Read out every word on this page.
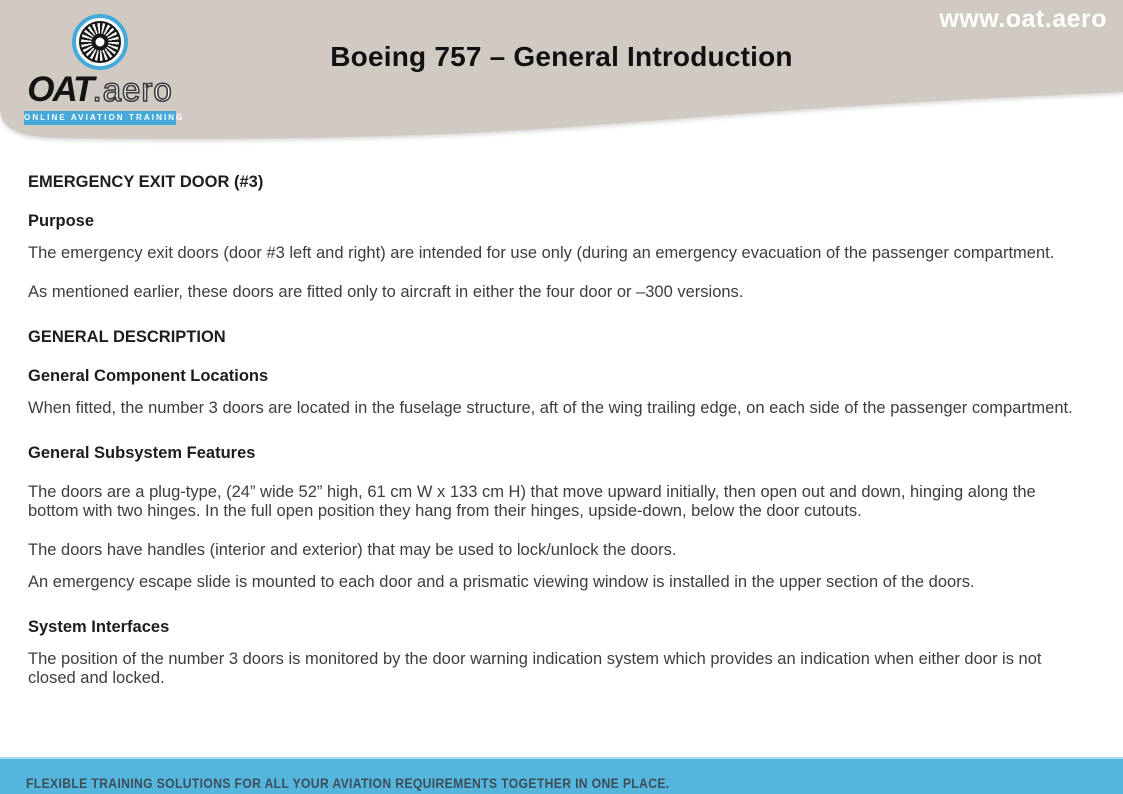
OAT.aero
ONLINE AVIATION TRAINING
Boeing 757 – General Introduction
www.oat.aero
EMERGENCY EXIT DOOR (#3)
Purpose
The emergency exit doors (door #3 left and right) are intended for use only (during an emergency evacuation of the passenger compartment.
As mentioned earlier, these doors are fitted only to aircraft in either the four door or –300 versions.
GENERAL DESCRIPTION
General Component Locations
When fitted, the number 3 doors are located in the fuselage structure, aft of the wing trailing edge, on each side of the passenger compartment.
General Subsystem Features
The doors are a plug-type, (24” wide 52” high, 61 cm W x 133 cm H) that move upward initially, then open out and down, hinging along the bottom with two hinges. In the full open position they hang from their hinges, upside-down, below the door cutouts.
The doors have handles (interior and exterior) that may be used to lock/unlock the doors.
An emergency escape slide is mounted to each door and a prismatic viewing window is installed in the upper section of the doors.
System Interfaces
The position of the number 3 doors is monitored by the door warning indication system which provides an indication when either door is not closed and locked.
FLEXIBLE TRAINING SOLUTIONS FOR ALL YOUR AVIATION REQUIREMENTS TOGETHER IN ONE PLACE.
